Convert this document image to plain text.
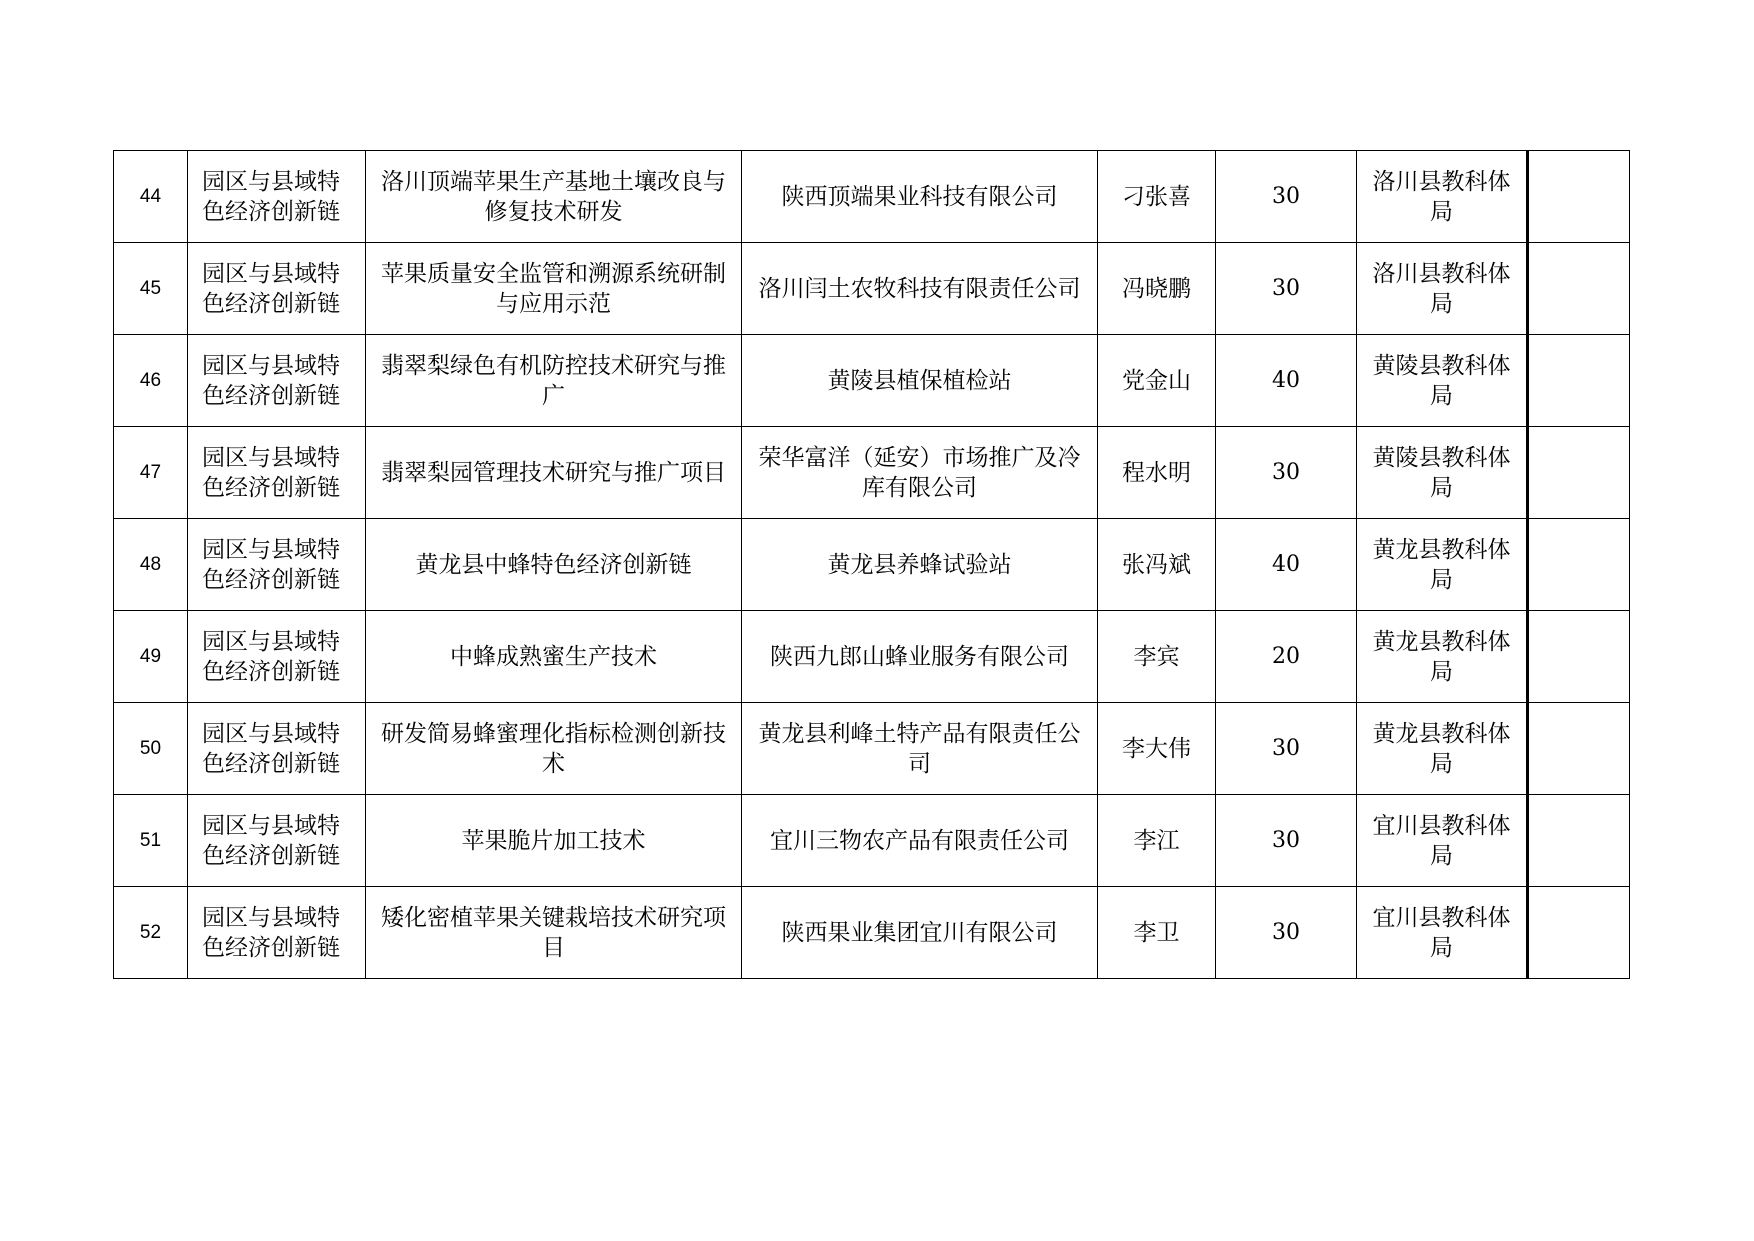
44	园区与县域特色经济创新链	洛川顶端苹果生产基地土壤改良与修复技术研发	陕西顶端果业科技有限公司	刁张喜	30	洛川县教科体局	
45	园区与县域特色经济创新链	苹果质量安全监管和溯源系统研制与应用示范	洛川闫土农牧科技有限责任公司	冯晓鹏	30	洛川县教科体局	
46	园区与县域特色经济创新链	翡翠梨绿色有机防控技术研究与推广	黄陵县植保植检站	党金山	40	黄陵县教科体局	
47	园区与县域特色经济创新链	翡翠梨园管理技术研究与推广项目	荣华富洋（延安）市场推广及冷库有限公司	程水明	30	黄陵县教科体局	
48	园区与县域特色经济创新链	黄龙县中蜂特色经济创新链	黄龙县养蜂试验站	张冯斌	40	黄龙县教科体局	
49	园区与县域特色经济创新链	中蜂成熟蜜生产技术	陕西九郎山蜂业服务有限公司	李宾	20	黄龙县教科体局	
50	园区与县域特色经济创新链	研发简易蜂蜜理化指标检测创新技术	黄龙县利峰土特产品有限责任公司	李大伟	30	黄龙县教科体局	
51	园区与县域特色经济创新链	苹果脆片加工技术	宜川三物农产品有限责任公司	李江	30	宜川县教科体局	
52	园区与县域特色经济创新链	矮化密植苹果关键栽培技术研究项目	陕西果业集团宜川有限公司	李卫	30	宜川县教科体局	
